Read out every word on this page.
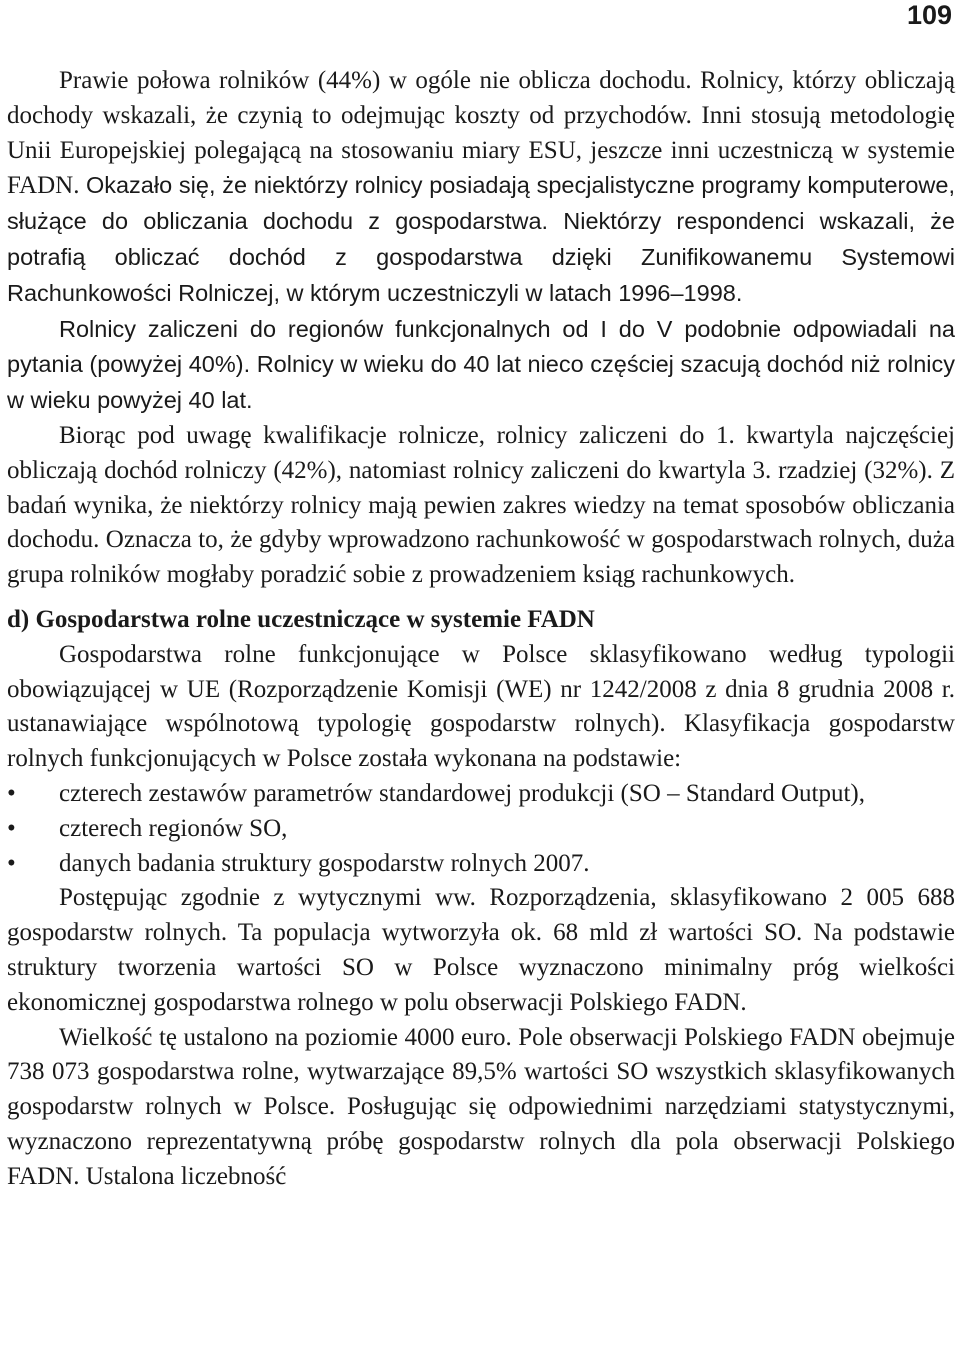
109

Prawie połowa rolników (44%) w ogóle nie oblicza dochodu. Rolnicy, którzy obliczają dochody wskazali, że czynią to odejmując koszty od przychodów. Inni stosują metodologię Unii Europejskiej polegającą na stosowaniu miary ESU, jeszcze inni uczestniczą w systemie FADN. Okazało się, że niektórzy rolnicy posiadają specjalistyczne programy komputerowe, służące do obliczania dochodu z gospodarstwa. Niektórzy respondenci wskazali, że potrafią obliczać dochód z gospodarstwa dzięki Zunifikowanemu Systemowi Rachunkowości Rolniczej, w którym uczestniczyli w latach 1996–1998.

Rolnicy zaliczeni do regionów funkcjonalnych od I do V podobnie odpowiadali na pytania (powyżej 40%). Rolnicy w wieku do 40 lat nieco częściej szacują dochód niż rolnicy w wieku powyżej 40 lat.

Biorąc pod uwagę kwalifikacje rolnicze, rolnicy zaliczeni do 1. kwartyla najczęściej obliczają dochód rolniczy (42%), natomiast rolnicy zaliczeni do kwartyla 3. rzadziej (32%). Z badań wynika, że niektórzy rolnicy mają pewien zakres wiedzy na temat sposobów obliczania dochodu. Oznacza to, że gdyby wprowadzono rachunkowość w gospodarstwach rolnych, duża grupa rolników mogłaby poradzić sobie z prowadzeniem ksiąg rachunkowych.

d) Gospodarstwa rolne uczestniczące w systemie FADN

Gospodarstwa rolne funkcjonujące w Polsce sklasyfikowano według typologii obowiązującej w UE (Rozporządzenie Komisji (WE) nr 1242/2008 z dnia 8 grudnia 2008 r. ustanawiające wspólnotową typologię gospodarstw rolnych). Klasyfikacja gospodarstw rolnych funkcjonujących w Polsce została wykonana na podstawie:

• czterech zestawów parametrów standardowej produkcji (SO – Standard Output),
• czterech regionów SO,
• danych badania struktury gospodarstw rolnych 2007.

Postępując zgodnie z wytycznymi ww. Rozporządzenia, sklasyfikowano 2 005 688 gospodarstw rolnych. Ta populacja wytworzyła ok. 68 mld zł wartości SO. Na podstawie struktury tworzenia wartości SO w Polsce wyznaczono minimalny próg wielkości ekonomicznej gospodarstwa rolnego w polu obserwacji Polskiego FADN.

Wielkość tę ustalono na poziomie 4000 euro. Pole obserwacji Polskiego FADN obejmuje 738 073 gospodarstwa rolne, wytwarzające 89,5% wartości SO wszystkich sklasyfikowanych gospodarstw rolnych w Polsce. Posługując się odpowiednimi narzędziami statystycznymi, wyznaczono reprezentatywną próbę gospodarstw rolnych dla pola obserwacji Polskiego FADN. Ustalona liczebność
